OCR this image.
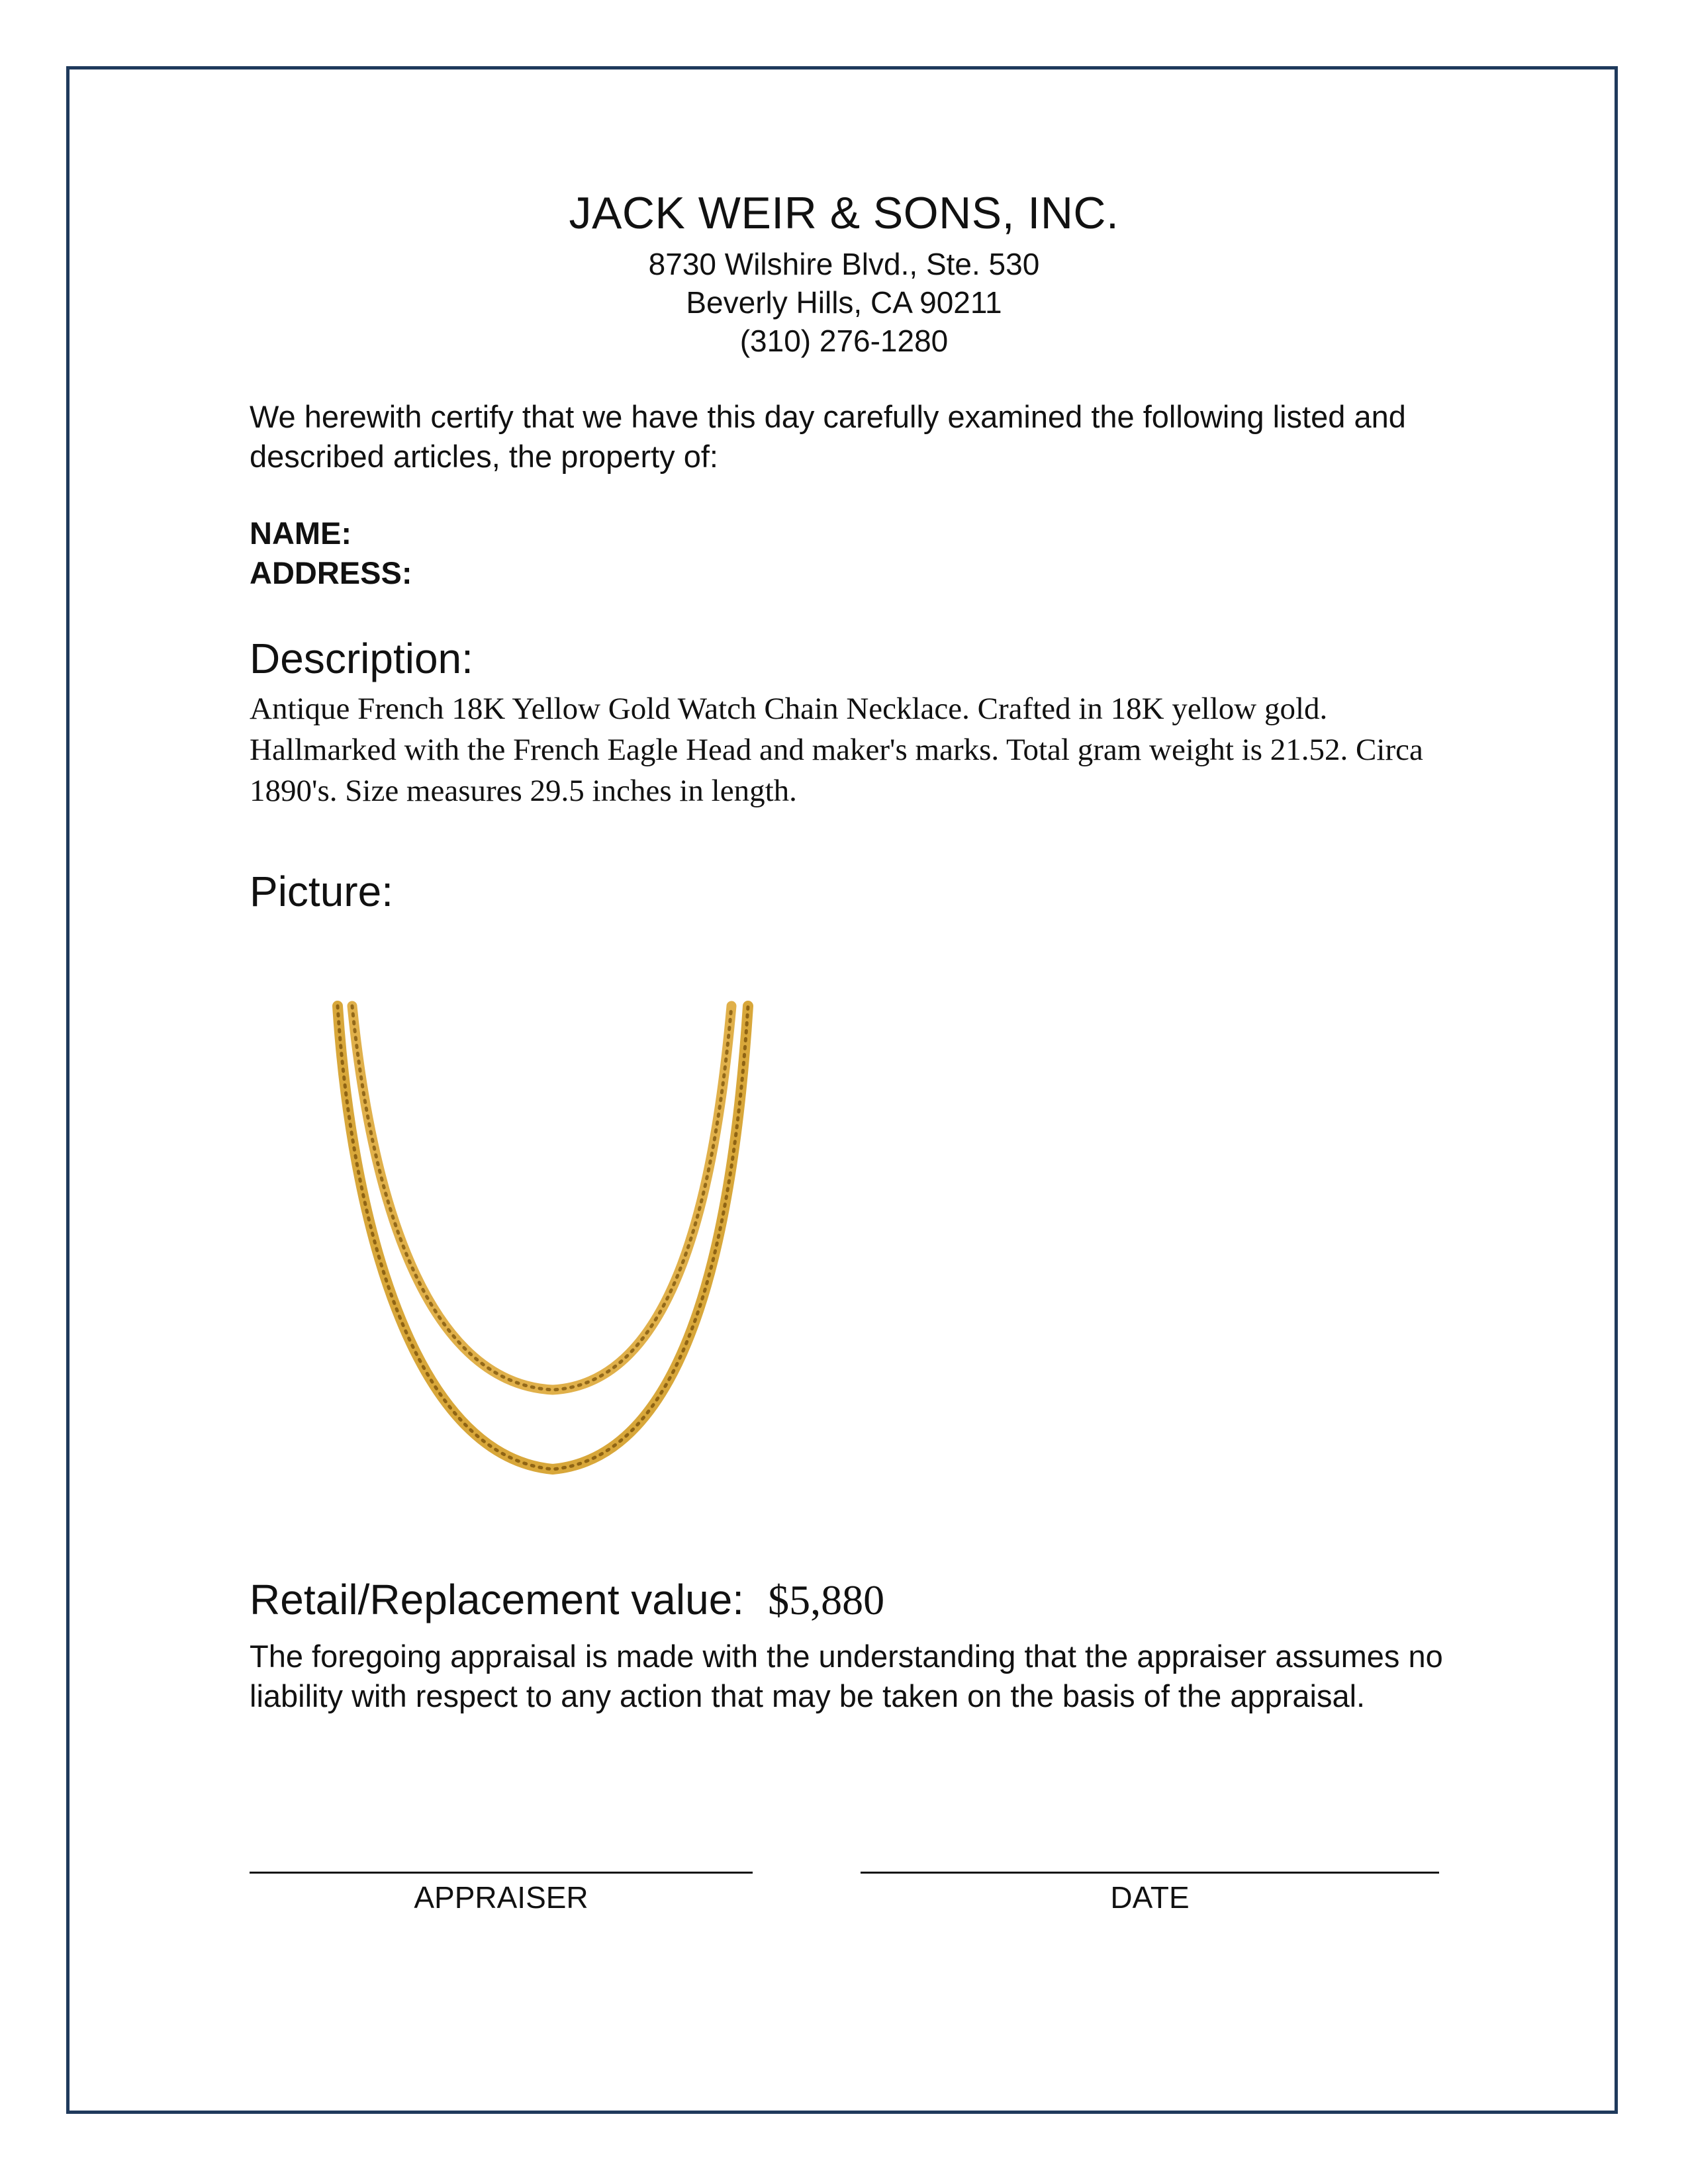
JACK WEIR & SONS, INC.
8730 Wilshire Blvd., Ste. 530
Beverly Hills, CA 90211
(310) 276-1280
We herewith certify that we have this day carefully examined the following listed and described articles, the property of:
NAME:
ADDRESS:
Description:
Antique French 18K Yellow Gold Watch Chain Necklace. Crafted in 18K yellow gold. Hallmarked with the French Eagle Head and maker's marks. Total gram weight is 21.52. Circa 1890's. Size measures 29.5 inches in length.
Picture:
Retail/Replacement value: $5,880
The foregoing appraisal is made with the understanding that the appraiser assumes no liability with respect to any action that may be taken on the basis of the appraisal.
APPRAISER	DATE
